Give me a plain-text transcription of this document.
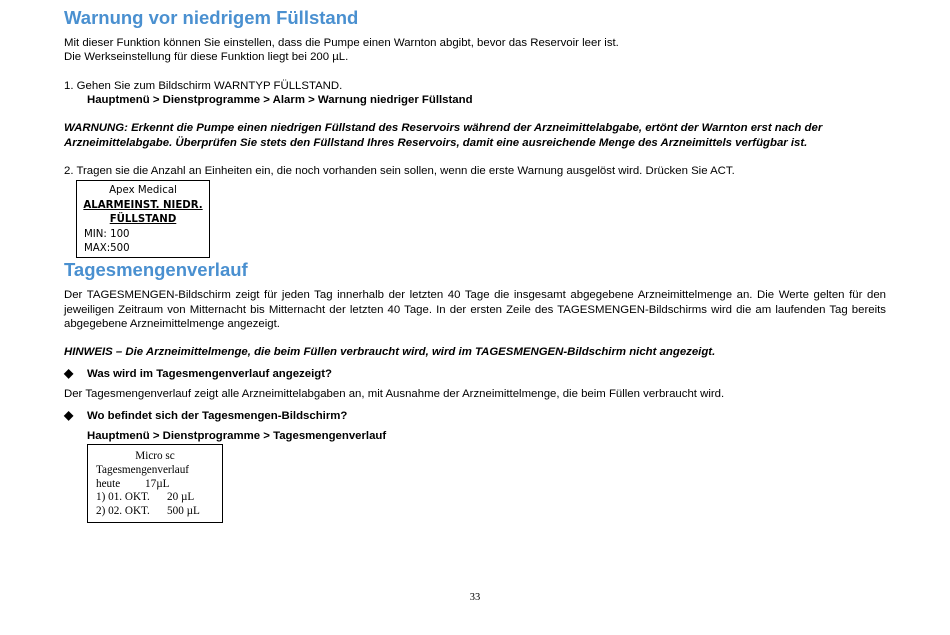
Warnung vor niedrigem Füllstand
Mit dieser Funktion können Sie einstellen, dass die Pumpe einen Warnton abgibt, bevor das Reservoir leer ist.
Die Werkseinstellung für diese Funktion liegt bei 200 µL.
1. Gehen Sie zum Bildschirm WARNTYP FÜLLSTAND.
Hauptmenü > Dienstprogramme > Alarm > Warnung niedriger Füllstand
WARNUNG: Erkennt die Pumpe einen niedrigen Füllstand des Reservoirs während der Arzneimittelabgabe, ertönt der Warnton erst nach der Arzneimittelabgabe. Überprüfen Sie stets den Füllstand Ihres Reservoirs, damit eine ausreichende Menge des Arzneimittels verfügbar ist.
2. Tragen sie die Anzahl an Einheiten ein, die noch vorhanden sein sollen, wenn die erste Warnung ausgelöst wird. Drücken Sie ACT.
Apex Medical
ALARMEINST. NIEDR.
FÜLLSTAND
MIN: 100
MAX:500
Tagesmengenverlauf
Der TAGESMENGEN-Bildschirm zeigt für jeden Tag innerhalb der letzten 40 Tage die insgesamt abgegebene Arzneimittelmenge an. Die Werte gelten für den jeweiligen Zeitraum von Mitternacht bis Mitternacht der letzten 40 Tage. In der ersten Zeile des TAGESMENGEN-Bildschirms wird die am laufenden Tag bereits abgegebene Arzneimittelmenge angezeigt.
HINWEIS – Die Arzneimittelmenge, die beim Füllen verbraucht wird, wird im TAGESMENGEN-Bildschirm nicht angezeigt.
◆ Was wird im Tagesmengenverlauf angezeigt?
Der Tagesmengenverlauf zeigt alle Arzneimittelabgaben an, mit Ausnahme der Arzneimittelmenge, die beim Füllen verbraucht wird.
◆ Wo befindet sich der Tagesmengen-Bildschirm?
Hauptmenü > Dienstprogramme > Tagesmengenverlauf
Micro sc
Tagesmengenverlauf
heute 17µL
1) 01. OKT. 20 µL
2) 02. OKT. 500 µL
33
